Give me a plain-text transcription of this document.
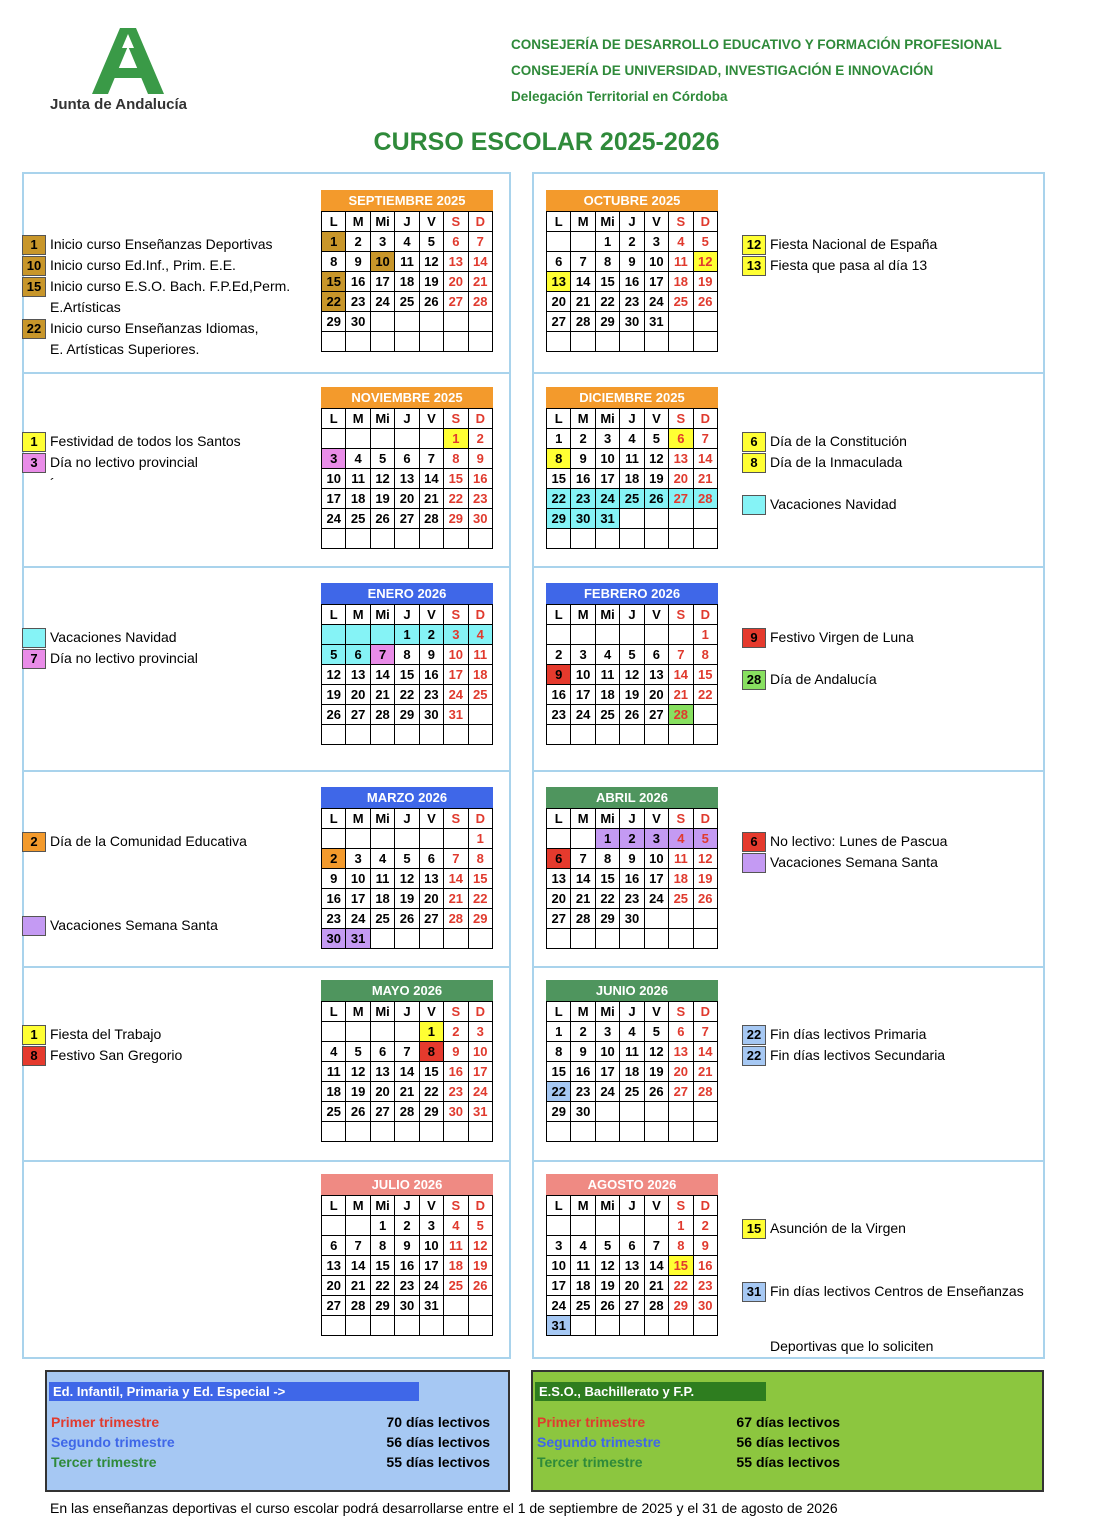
Junta de Andalucía
CONSEJERÍA DE DESARROLLO EDUCATIVO Y FORMACIÓN PROFESIONAL
CONSEJERÍA DE UNIVERSIDAD, INVESTIGACIÓN E INNOVACIÓN
Delegación Territorial en Córdoba
CURSO ESCOLAR 2025-2026
SEPTIEMBRE 2025
L	M	Mi	J	V	S	D
1	2	3	4	5	6	7
8	9	10	11	12	13	14
15	16	17	18	19	20	21
22	23	24	25	26	27	28
29	30					

OCTUBRE 2025
L	M	Mi	J	V	S	D
		1	2	3	4	5
6	7	8	9	10	11	12
13	14	15	16	17	18	19
20	21	22	23	24	25	26
27	28	29	30	31		

NOVIEMBRE 2025
L	M	Mi	J	V	S	D
					1	2
3	4	5	6	7	8	9
10	11	12	13	14	15	16
17	18	19	20	21	22	23
24	25	26	27	28	29	30

DICIEMBRE 2025
L	M	Mi	J	V	S	D
1	2	3	4	5	6	7
8	9	10	11	12	13	14
15	16	17	18	19	20	21
22	23	24	25	26	27	28
29	30	31				

ENERO 2026
L	M	Mi	J	V	S	D
			1	2	3	4
5	6	7	8	9	10	11
12	13	14	15	16	17	18
19	20	21	22	23	24	25
26	27	28	29	30	31	

FEBRERO 2026
L	M	Mi	J	V	S	D
						1
2	3	4	5	6	7	8
9	10	11	12	13	14	15
16	17	18	19	20	21	22
23	24	25	26	27	28	

MARZO 2026
L	M	Mi	J	V	S	D
						1
2	3	4	5	6	7	8
9	10	11	12	13	14	15
16	17	18	19	20	21	22
23	24	25	26	27	28	29
30	31					
ABRIL 2026
L	M	Mi	J	V	S	D
		1	2	3	4	5
6	7	8	9	10	11	12
13	14	15	16	17	18	19
20	21	22	23	24	25	26
27	28	29	30			

MAYO 2026
L	M	Mi	J	V	S	D
				1	2	3
4	5	6	7	8	9	10
11	12	13	14	15	16	17
18	19	20	21	22	23	24
25	26	27	28	29	30	31

JUNIO 2026
L	M	Mi	J	V	S	D
1	2	3	4	5	6	7
8	9	10	11	12	13	14
15	16	17	18	19	20	21
22	23	24	25	26	27	28
29	30					

JULIO 2026
L	M	Mi	J	V	S	D
		1	2	3	4	5
6	7	8	9	10	11	12
13	14	15	16	17	18	19
20	21	22	23	24	25	26
27	28	29	30	31		

AGOSTO 2026
L	M	Mi	J	V	S	D
					1	2
3	4	5	6	7	8	9
10	11	12	13	14	15	16
17	18	19	20	21	22	23
24	25	26	27	28	29	30
31						
1 Inicio curso Enseñanzas Deportivas
10 Inicio curso Ed.Inf., Prim. E.E.
15 Inicio curso E.S.O. Bach. F.P.Ed,Perm.
E.Artísticas
22 Inicio curso Enseñanzas Idiomas,
E. Artísticas Superiores.
1 Festividad de todos los Santos
3 Día no lectivo provincial
´
Vacaciones Navidad
7 Día no lectivo provincial
2 Día de la Comunidad Educativa
Vacaciones Semana Santa
1 Fiesta del Trabajo
8 Festivo San Gregorio
12 Fiesta Nacional de España
13 Fiesta que pasa al día 13
6 Día de la Constitución
8 Día de la Inmaculada
Vacaciones Navidad
9 Festivo Virgen de Luna
28 Día de Andalucía
6 No lectivo: Lunes de Pascua
Vacaciones Semana Santa
22 Fin días lectivos Primaria
22 Fin días lectivos Secundaria
15 Asunción de la Virgen
31 Fin días lectivos Centros de Enseñanzas
Deportivas que lo soliciten
Ed. Infantil, Primaria y Ed. Especial ->
Primer trimestre	70 días lectivos
Segundo trimestre	56 días lectivos
Tercer trimestre	55 días lectivos
E.S.O., Bachillerato y F.P.
Primer trimestre	67 días lectivos
Segundo trimestre	56 días lectivos
Tercer trimestre	55 días lectivos
En las enseñanzas deportivas el curso escolar podrá desarrollarse entre el 1 de septiembre de 2025 y el 31 de agosto de 2026
